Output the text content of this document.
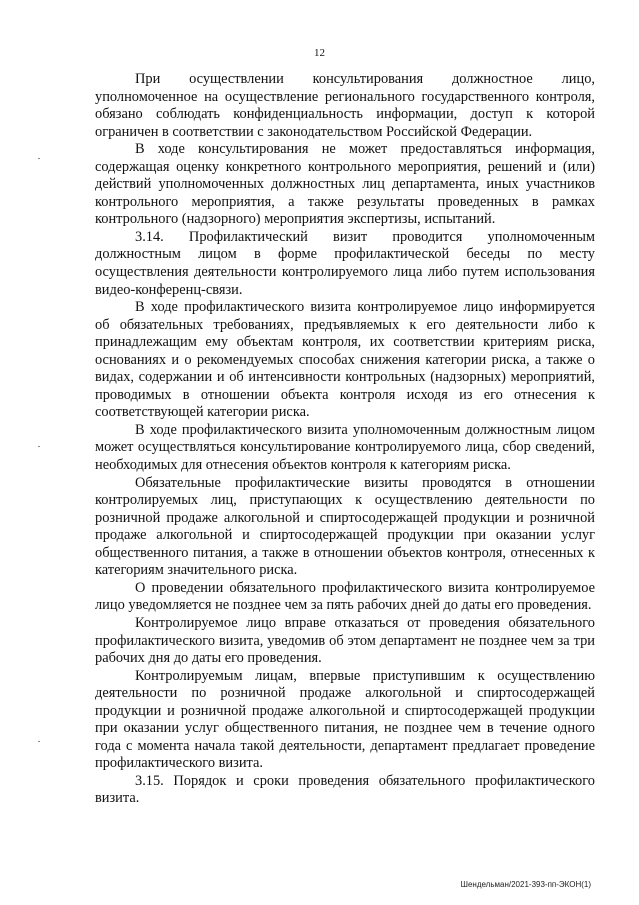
12

При осуществлении консультирования должностное лицо, уполномоченное на осуществление регионального государственного контроля, обязано соблюдать конфиденциальность информации, доступ к которой ограничен в соответствии с законодательством Российской Федерации.

В ходе консультирования не может предоставляться информация, содержащая оценку конкретного контрольного мероприятия, решений и (или) действий уполномоченных должностных лиц департамента, иных участников контрольного мероприятия, а также результаты проведенных в рамках контрольного (надзорного) мероприятия экспертизы, испытаний.

3.14. Профилактический визит проводится уполномоченным должностным лицом в форме профилактической беседы по месту осуществления деятельности контролируемого лица либо путем использования видео-конференц-связи.

В ходе профилактического визита контролируемое лицо информируется об обязательных требованиях, предъявляемых к его деятельности либо к принадлежащим ему объектам контроля, их соответствии критериям риска, основаниях и о рекомендуемых способах снижения категории риска, а также о видах, содержании и об интенсивности контрольных (надзорных) мероприятий, проводимых в отношении объекта контроля исходя из его отнесения к соответствующей категории риска.

В ходе профилактического визита уполномоченным должностным лицом может осуществляться консультирование контролируемого лица, сбор сведений, необходимых для отнесения объектов контроля к категориям риска.

Обязательные профилактические визиты проводятся в отношении контролируемых лиц, приступающих к осуществлению деятельности по розничной продаже алкогольной и спиртосодержащей продукции и розничной продаже алкогольной и спиртосодержащей продукции при оказании услуг общественного питания, а также в отношении объектов контроля, отнесенных к категориям значительного риска.

О проведении обязательного профилактического визита контролируемое лицо уведомляется не позднее чем за пять рабочих дней до даты его проведения.

Контролируемое лицо вправе отказаться от проведения обязательного профилактического визита, уведомив об этом департамент не позднее чем за три рабочих дня до даты его проведения.

Контролируемым лицам, впервые приступившим к осуществлению деятельности по розничной продаже алкогольной и спиртосодержащей продукции и розничной продаже алкогольной и спиртосодержащей продукции при оказании услуг общественного питания, не позднее чем в течение одного года с момента начала такой деятельности, департамент предлагает проведение профилактического визита.

3.15. Порядок и сроки проведения обязательного профилактического визита.

Шендельман/2021-393-пп-ЭКОН(1)
